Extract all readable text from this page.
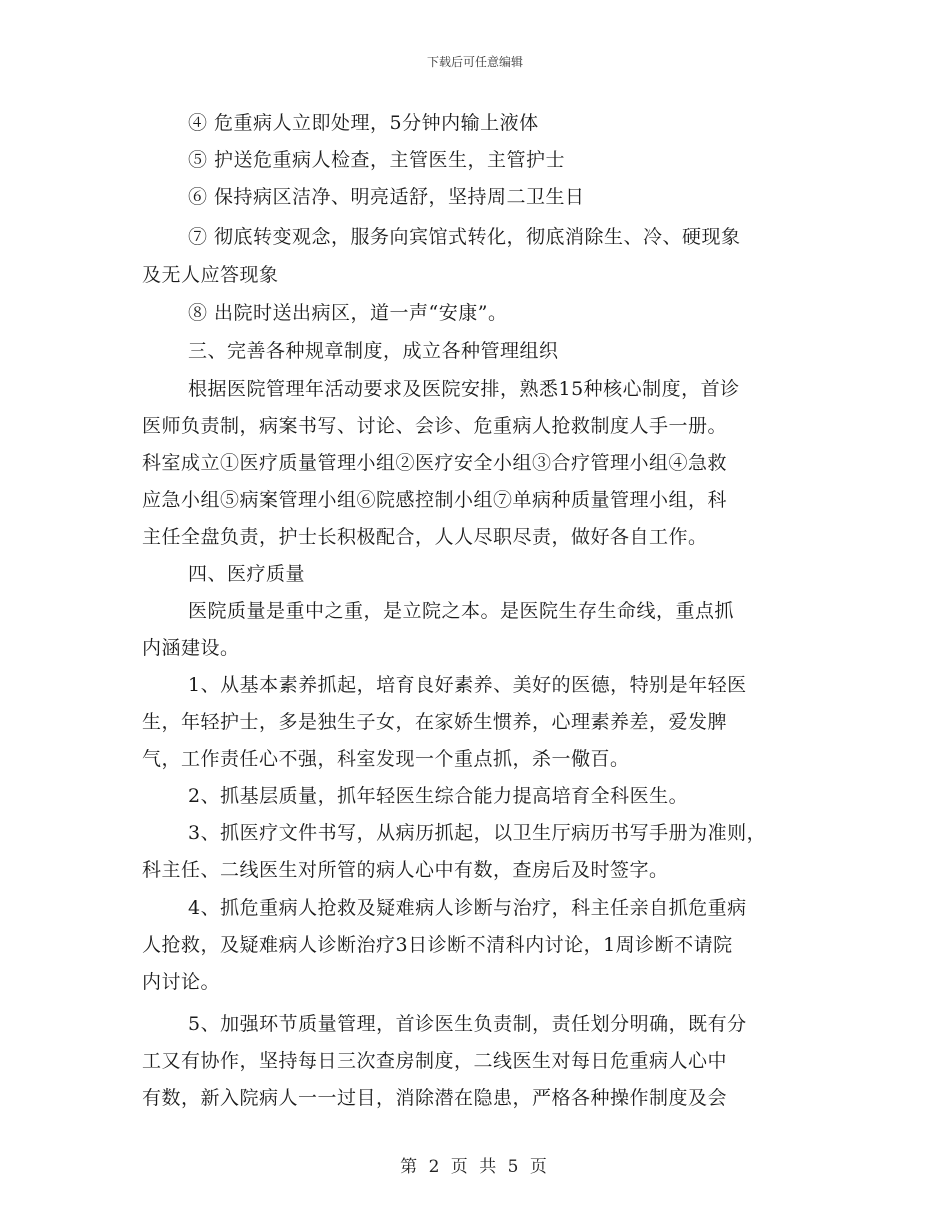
下载后可任意编辑
④ 危重病人立即处理，5分钟内输上液体
⑤ 护送危重病人检查，主管医生，主管护士
⑥ 保持病区洁净、明亮适舒，坚持周二卫生日
⑦ 彻底转变观念，服务向宾馆式转化，彻底消除生、冷、硬现象
及无人应答现象
⑧ 出院时送出病区，道一声“安康”。
三、完善各种规章制度，成立各种管理组织
根据医院管理年活动要求及医院安排，熟悉15种核心制度，首诊
医师负责制，病案书写、讨论、会诊、危重病人抢救制度人手一册。
科室成立①医疗质量管理小组②医疗安全小组③合疗管理小组④急救
应急小组⑤病案管理小组⑥院感控制小组⑦单病种质量管理小组，科
主任全盘负责，护士长积极配合，人人尽职尽责，做好各自工作。
四、医疗质量
医院质量是重中之重，是立院之本。是医院生存生命线，重点抓
内涵建设。
1、从基本素养抓起，培育良好素养、美好的医德，特别是年轻医
生，年轻护士，多是独生子女，在家娇生惯养，心理素养差，爱发脾
气，工作责任心不强，科室发现一个重点抓，杀一儆百。
2、抓基层质量，抓年轻医生综合能力提高培育全科医生。
3、抓医疗文件书写，从病历抓起，以卫生厅病历书写手册为准则，
科主任、二线医生对所管的病人心中有数，查房后及时签字。
4、抓危重病人抢救及疑难病人诊断与治疗，科主任亲自抓危重病
人抢救，及疑难病人诊断治疗3日诊断不清科内讨论，1周诊断不请院
内讨论。
5、加强环节质量管理，首诊医生负责制，责任划分明确，既有分
工又有协作，坚持每日三次查房制度，二线医生对每日危重病人心中
有数，新入院病人一一过目，消除潜在隐患，严格各种操作制度及会
第 2 页 共 5 页
